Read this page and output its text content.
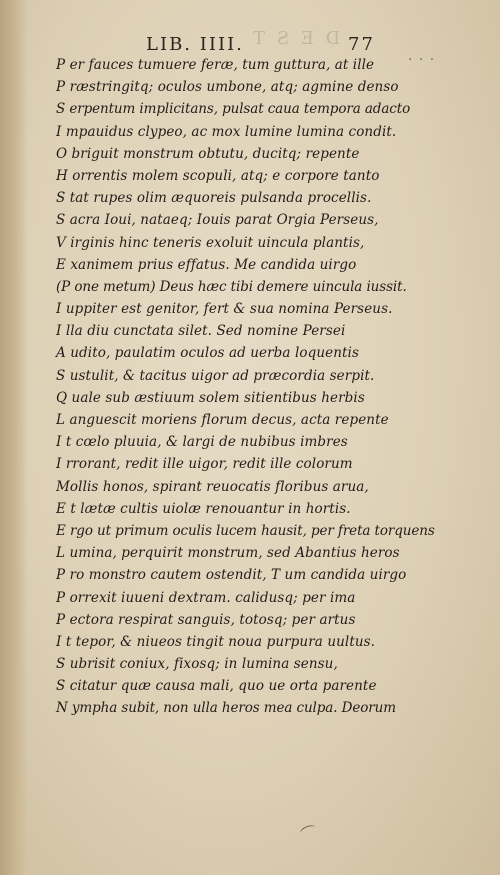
D E S T
LIB. IIII.	77
· · ·
P er fauces tumuere feræ, tum guttura, at ille
P ræstringitq; oculos umbone, atq; agmine denso
S erpentum implicitans, pulsat caua tempora adacto
I mpauidus clypeo, ac mox lumine lumina condit.
O briguit monstrum obtutu, ducitq; repente
H orrentis molem scopuli, atq; e corpore tanto
S tat rupes olim æquoreis pulsanda procellis.
S acra Ioui, nataeq; Iouis parat Orgia Perseus,
V irginis hinc teneris exoluit uincula plantis,
E xanimem prius effatus. Me candida uirgo
(P one metum) Deus hæc tibi demere uincula iussit.
I uppiter est genitor, fert & sua nomina Perseus.
I lla diu cunctata silet. Sed nomine Persei
A udito, paulatim oculos ad uerba loquentis
S ustulit, & tacitus uigor ad præcordia serpit.
Q uale sub æstiuum solem sitientibus herbis
L anguescit moriens florum decus, acta repente
I t cœlo pluuia, & largi de nubibus imbres
I rrorant, redit ille uigor, redit ille colorum
Mollis honos, spirant reuocatis floribus arua,
E t lætæ cultis uiolæ renouantur in hortis.
E rgo ut primum oculis lucem hausit, per freta torquens
L umina, perquirit monstrum, sed Abantius heros
P ro monstro cautem ostendit, T um candida uirgo
P orrexit iuueni dextram. calidusq; per ima
P ectora respirat sanguis, totosq; per artus
I t tepor, & niueos tingit noua purpura uultus.
S ubrisit coniux, fixosq; in lumina sensu,
S citatur quæ causa mali, quo ue orta parente
N ympha subit, non ulla heros mea culpa. Deorum
